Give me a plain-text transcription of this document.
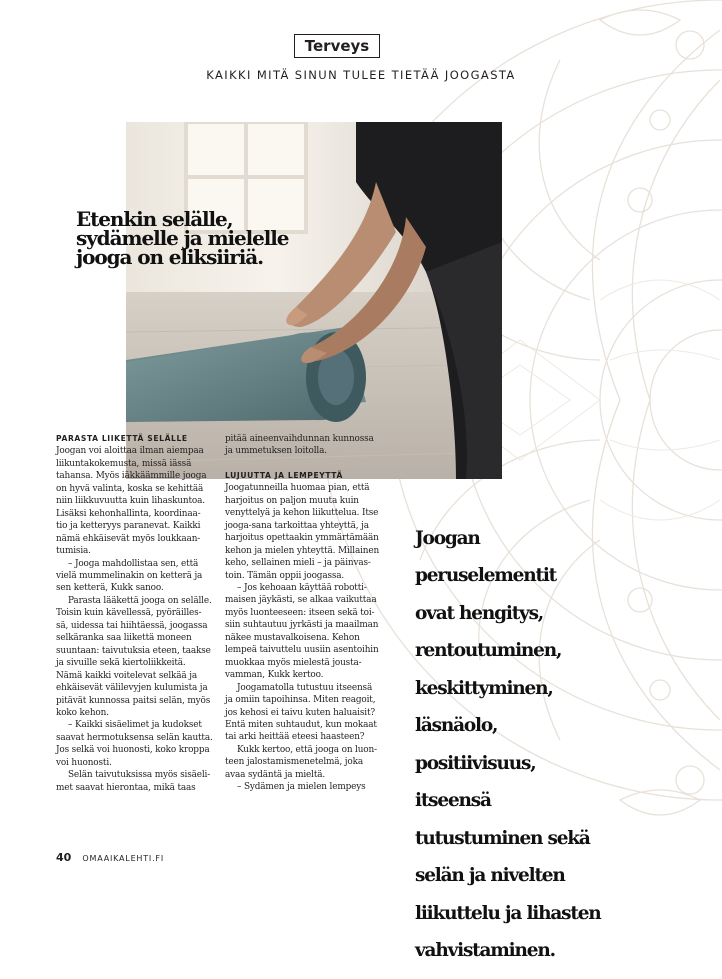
Terveys
KAIKKI MITÄ SINUN TULEE TIETÄÄ JOOGASTA
Etenkin selälle,
sydämelle ja mielelle
jooga on eliksiiriä.

PARASTA LIIKETTÄ SELÄLLE

Joogan voi aloittaa ilman aiempaa

liikuntakokemusta, missä iässä

tahansa. Myös iäkkäämmille jooga

on hyvä valinta, koska se kehittää

niin liikkuvuutta kuin lihaskuntoa.

Lisäksi kehonhallinta, koordinaa-

tio ja ketteryys paranevat. Kaikki

nämä ehkäisevät myös loukkaan-

tumisia.

– Jooga mahdollistaa sen, että

vielä mummelinakin on ketterä ja

sen ketterä, Kukk sanoo.

Parasta lääkettä jooga on selälle.

Toisin kuin kävellessä, pyöräilles-

sä, uidessa tai hiihtäessä, joogassa

selkäranka saa liikettä moneen

suuntaan: taivutuksia eteen, taakse

ja sivuille sekä kiertoliikkeitä.

Nämä kaikki voitelevat selkää ja

ehkäisevät välilevyjen kulumista ja

pitävät kunnossa paitsi selän, myös

koko kehon.

– Kaikki sisäelimet ja kudokset

saavat hermotuksensa selän kautta.

Jos selkä voi huonosti, koko kroppa

voi huonosti.

Selän taivutuksissa myös sisäeli-

met saavat hierontaa, mikä taas

pitää aineenvaihdunnan kunnossa

ja ummetuksen loitolla.

LUJUUTTA JA LEMPEYTTÄ

Joogatunneilla huomaa pian, että

harjoitus on paljon muuta kuin

venyttelyä ja kehon liikuttelua. Itse

jooga-sana tarkoittaa yhteyttä, ja

harjoitus opettaakin ymmärtämään

kehon ja mielen yhteyttä. Millainen

keho, sellainen mieli – ja päinvas-

toin. Tämän oppii joogassa.

– Jos kehoaan käyttää robotti-

maisen jäykästi, se alkaa vaikuttaa

myös luonteeseen: itseen sekä toi-

siin suhtautuu jyrkästi ja maailman

näkee mustavalkoisena. Kehon

lempeä taivuttelu uusiin asentoihin

muokkaa myös mielestä jousta-

vamman, Kukk kertoo.

Joogamatolla tutustuu itseensä

ja omiin tapoihinsa. Miten reagoit,

jos kehosi ei taivu kuten haluaisit?

Entä miten suhtaudut, kun mokaat

tai arki heittää eteesi haasteen?

Kukk kertoo, että jooga on luon-

teen jalostamismenetelmä, joka

avaa sydäntä ja mieltä.

– Sydämen ja mielen lempeys

Joogan

peruselementit

ovat hengitys,

rentoutuminen,

keskittyminen,

läsnäolo,

positiivisuus,

itseensä

tutustuminen sekä

selän ja nivelten

liikuttelu ja lihasten

vahvistaminen.

40 OMAAIKALEHTI.FI
